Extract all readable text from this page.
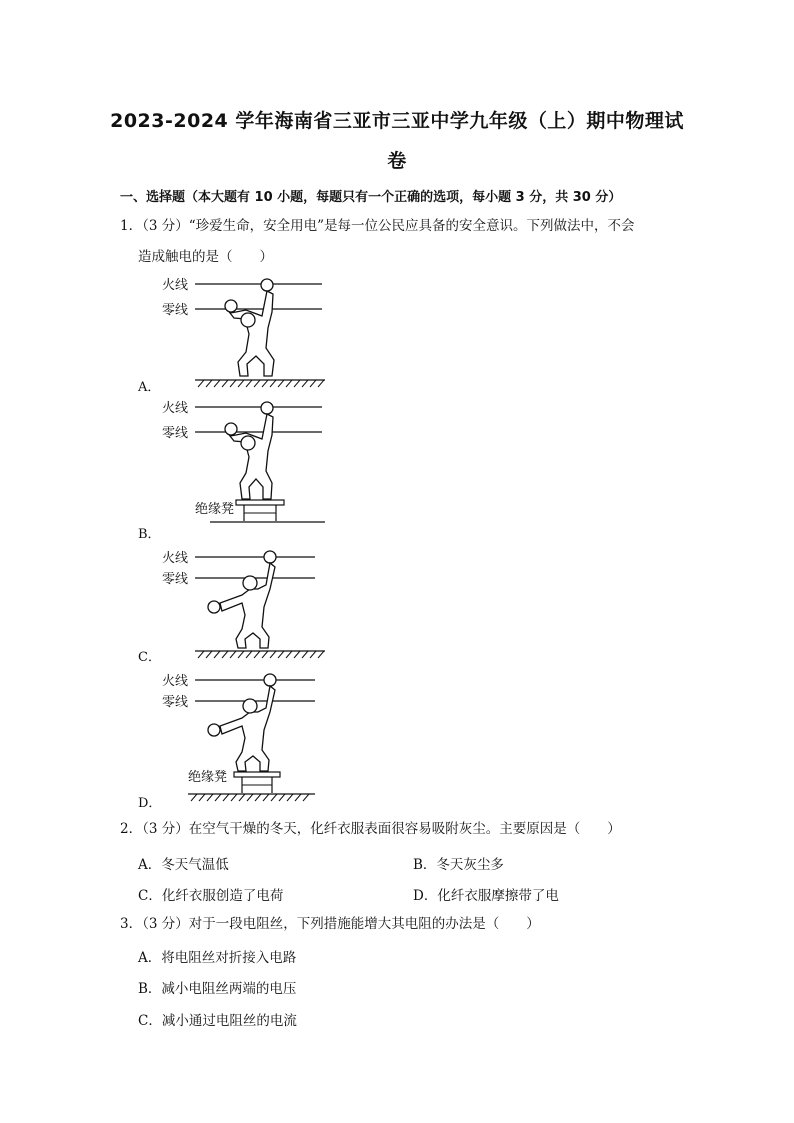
2023-2024 学年海南省三亚市三亚中学九年级（上）期中物理试
卷
一、选择题（本大题有 10 小题，每题只有一个正确的选项，每小题 3 分，共 30 分）
1．（3 分）“珍爱生命，安全用电”是每一位公民应具备的安全意识。下列做法中，不会
造成触电的是（　　）
火线
零线
A．
火线
零线
绝缘凳
B．
火线
零线
C．
火线
零线
绝缘凳
D．
2．（3 分）在空气干燥的冬天，化纤衣服表面很容易吸附灰尘。主要原因是（　　）
A．冬天气温低	B．冬天灰尘多
C．化纤衣服创造了电荷	D．化纤衣服摩擦带了电
3．（3 分）对于一段电阻丝，下列措施能增大其电阻的办法是（　　）
A．将电阻丝对折接入电路
B．减小电阻丝两端的电压
C．减小通过电阻丝的电流
